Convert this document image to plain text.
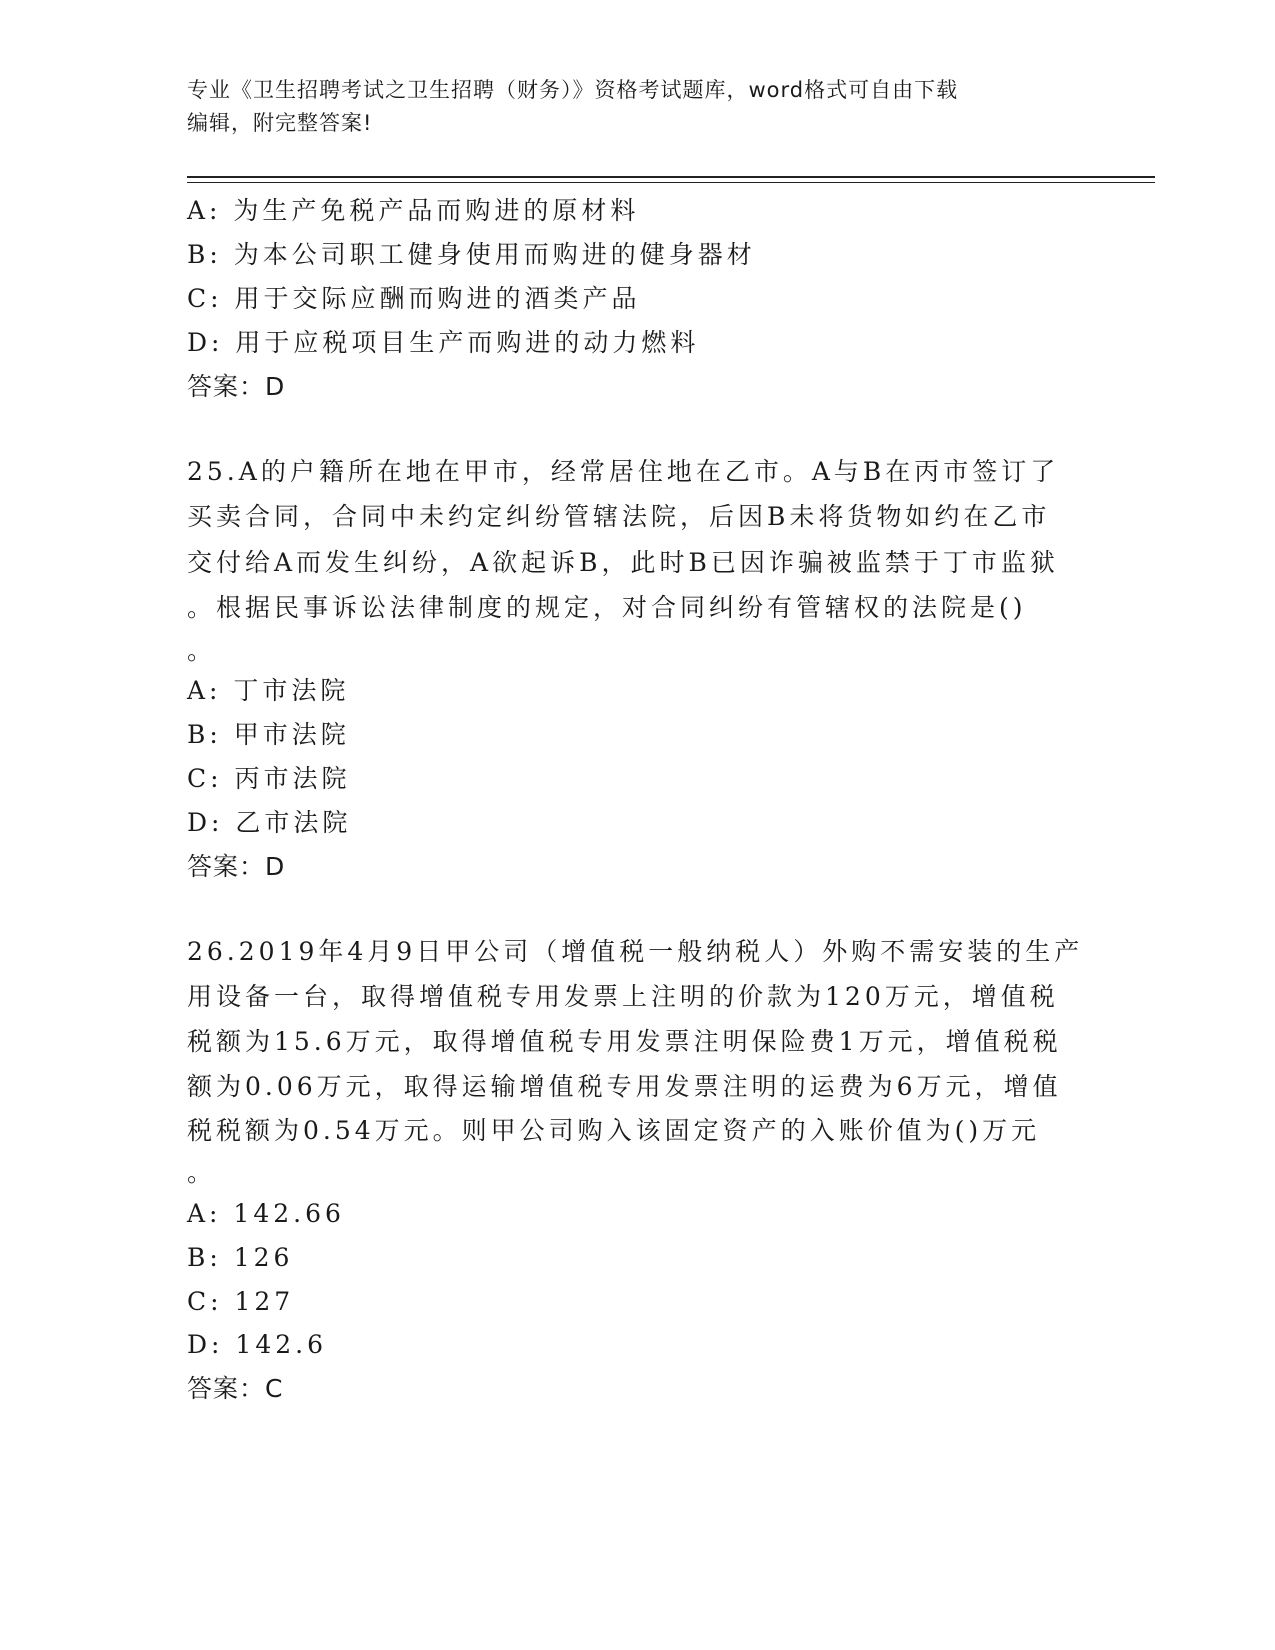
专业《卫生招聘考试之卫生招聘（财务）》资格考试题库，word格式可自由下载
编辑，附完整答案!
A: 为生产免税产品而购进的原材料
B: 为本公司职工健身使用而购进的健身器材
C: 用于交际应酬而购进的酒类产品
D: 用于应税项目生产而购进的动力燃料
答案：D
25.A的户籍所在地在甲市，经常居住地在乙市。A与B在丙市签订了
买卖合同，合同中未约定纠纷管辖法院，后因B未将货物如约在乙市
交付给A而发生纠纷，A欲起诉B，此时B已因诈骗被监禁于丁市监狱
。根据民事诉讼法律制度的规定，对合同纠纷有管辖权的法院是()
。
A: 丁市法院
B: 甲市法院
C: 丙市法院
D: 乙市法院
答案：D
26.2019年4月9日甲公司（增值税一般纳税人）外购不需安装的生产
用设备一台，取得增值税专用发票上注明的价款为120万元，增值税
税额为15.6万元，取得增值税专用发票注明保险费1万元，增值税税
额为0.06万元，取得运输增值税专用发票注明的运费为6万元，增值
税税额为0.54万元。则甲公司购入该固定资产的入账价值为()万元
。
A: 142.66
B: 126
C: 127
D: 142.6
答案：C
